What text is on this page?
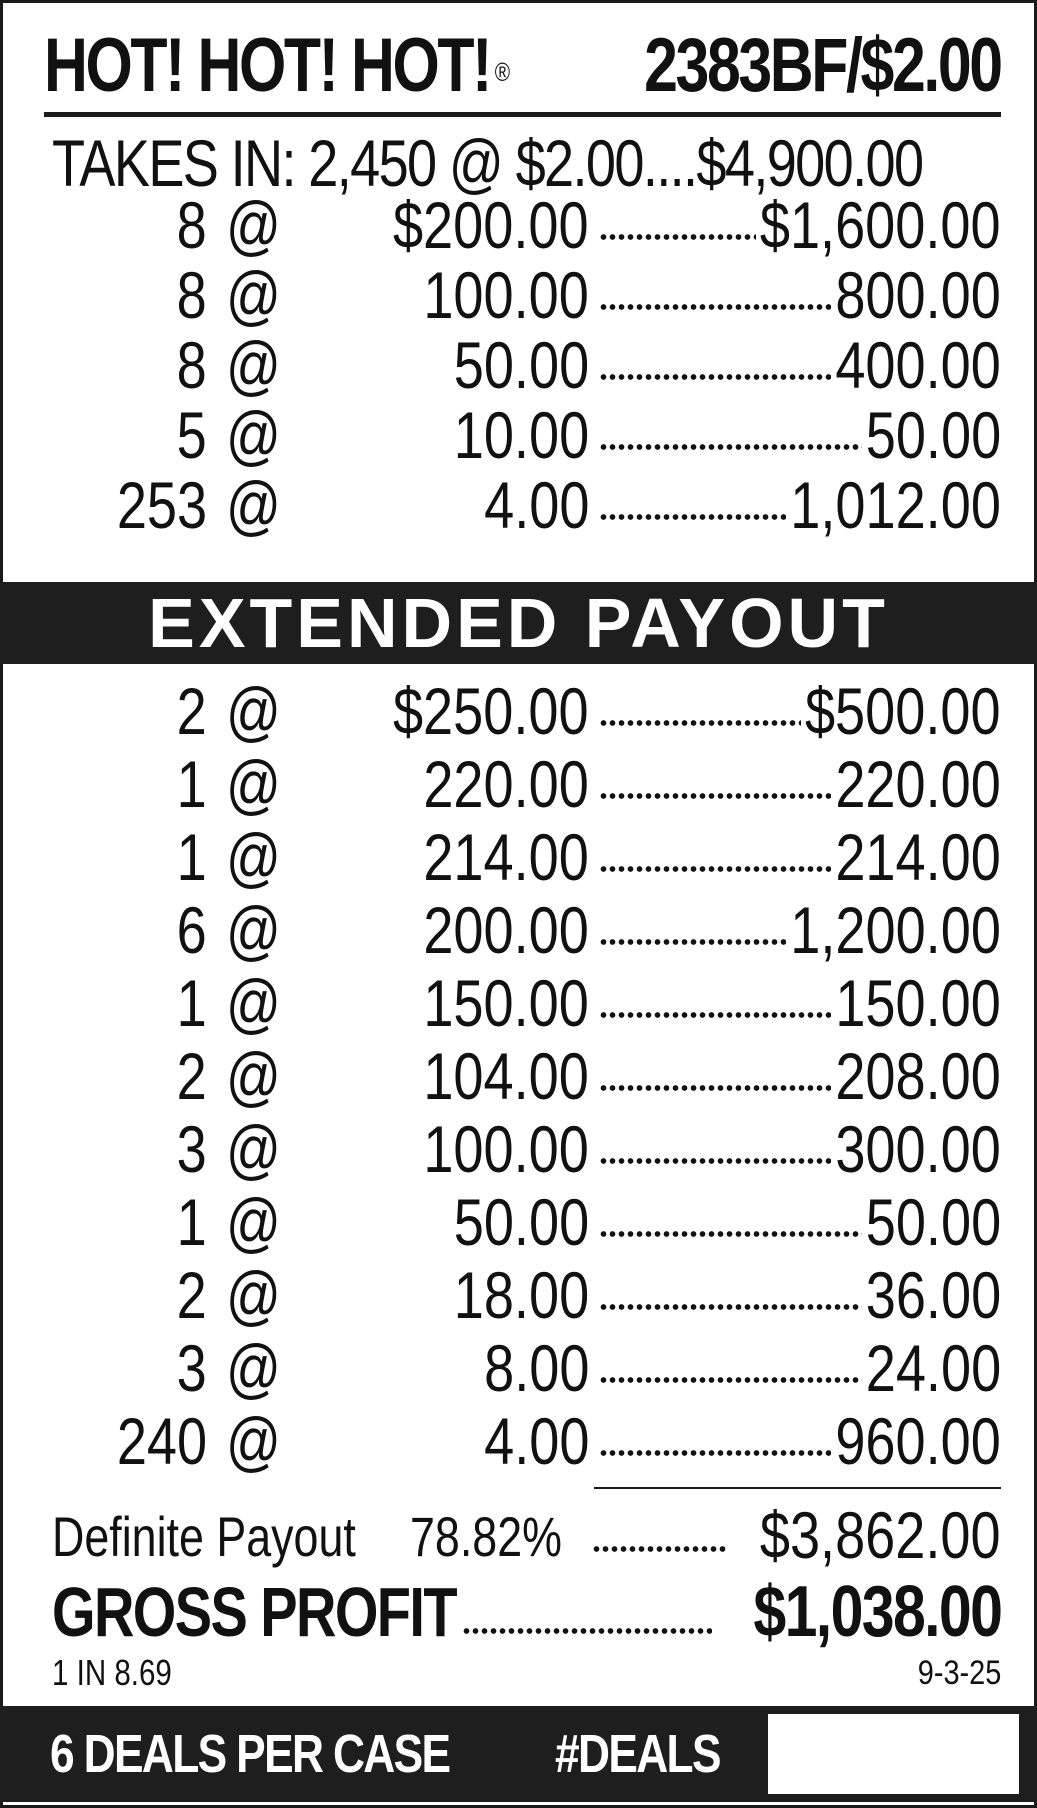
HOT! HOT! HOT! ® 2383BF/$2.00
TAKES IN: 2,450 @ $2.00....$4,900.00
8 @ $200.00	$1,600.00
8 @ 100.00	800.00
8 @	50.00	400.00
5 @	10.00	50.00
253 @	4.00	1,012.00
EXTENDED PAYOUT
2 @ $250.00	$500.00
1 @ 220.00	220.00
1 @ 214.00	214.00
6 @ 200.00	1,200.00
1 @ 150.00	150.00
2 @ 104.00	208.00
3 @ 100.00	300.00
1 @	50.00	50.00
2 @	18.00	36.00
3 @	8.00	24.00
240 @	4.00	960.00
Definite Payout 78.82%	$3,862.00
GROSS PROFIT	$1,038.00
1 IN 8.69	9-3-25
6 DEALS PER CASE #DEALS
